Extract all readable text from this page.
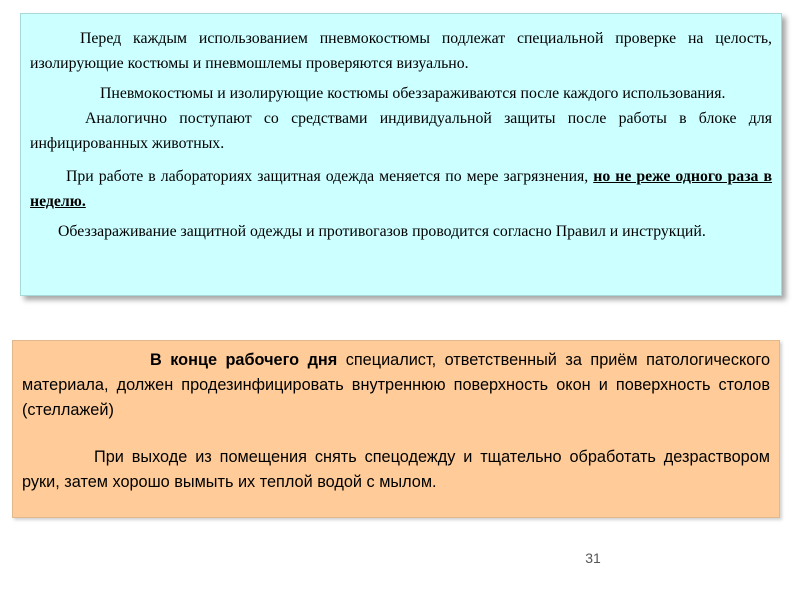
Перед каждым использованием пневмокостюмы подлежат специальной проверке на целость, изолирующие костюмы и пневмошлемы проверяются визуально.

Пневмокостюмы и изолирующие костюмы обеззараживаются после каждого использования.

Аналогично поступают со средствами индивидуальной защиты после работы в блоке для инфицированных животных.

При работе в лабораториях защитная одежда меняется по мере загрязнения, но не реже одного раза в неделю.

Обеззараживание защитной одежды и противогазов проводится согласно Правил и инструкций.

В конце рабочего дня специалист, ответственный за приём патологического материала, должен продезинфицировать внутреннюю поверхность окон и поверхность столов (стеллажей)

При выходе из помещения снять спецодежду и тщательно обработать дезраствором руки, затем хорошо вымыть их теплой водой с мылом.

31
